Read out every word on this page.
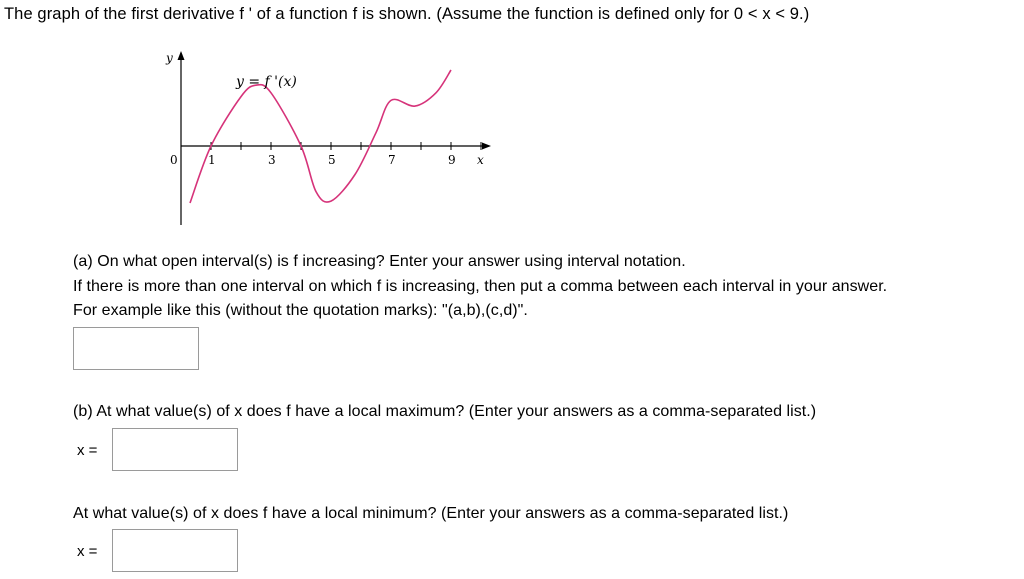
The graph of the first derivative f ' of a function f is shown. (Assume the function is defined only for 0 < x < 9.)
y
x
0
y = f '(x)
1	3	5	7	9
(a) On what open interval(s) is f increasing? Enter your answer using interval notation.
If there is more than one interval on which f is increasing, then put a comma between each interval in your answer.
For example like this (without the quotation marks): "(a,b),(c,d)".
(b) At what value(s) of x does f have a local maximum? (Enter your answers as a comma-separated list.)
x =
At what value(s) of x does f have a local minimum? (Enter your answers as a comma-separated list.)
x =
